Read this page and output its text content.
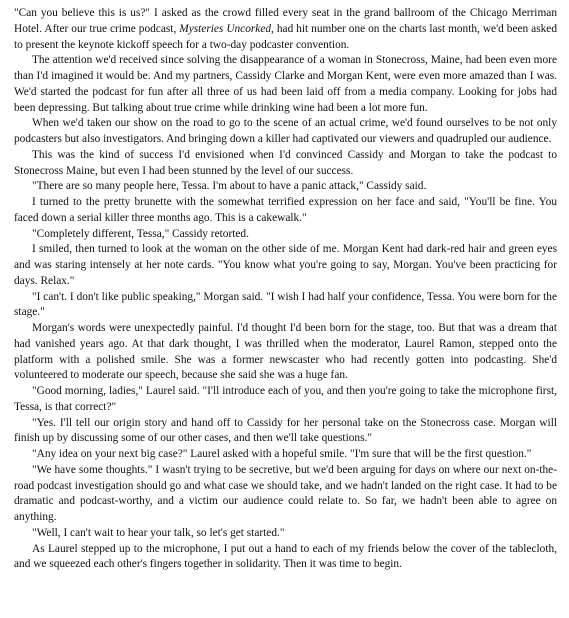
"Can you believe this is us?" I asked as the crowd filled every seat in the grand ballroom of the Chicago Merriman Hotel. After our true crime podcast, Mysteries Uncorked, had hit number one on the charts last month, we'd been asked to present the keynote kickoff speech for a two-day podcaster convention.

The attention we'd received since solving the disappearance of a woman in Stonecross, Maine, had been even more than I'd imagined it would be. And my partners, Cassidy Clarke and Morgan Kent, were even more amazed than I was. We'd started the podcast for fun after all three of us had been laid off from a media company. Looking for jobs had been depressing. But talking about true crime while drinking wine had been a lot more fun.

When we'd taken our show on the road to go to the scene of an actual crime, we'd found ourselves to be not only podcasters but also investigators. And bringing down a killer had captivated our viewers and quadrupled our audience.

This was the kind of success I'd envisioned when I'd convinced Cassidy and Morgan to take the podcast to Stonecross Maine, but even I had been stunned by the level of our success.

"There are so many people here, Tessa. I'm about to have a panic attack," Cassidy said.

I turned to the pretty brunette with the somewhat terrified expression on her face and said, "You'll be fine. You faced down a serial killer three months ago. This is a cakewalk."

"Completely different, Tessa," Cassidy retorted.

I smiled, then turned to look at the woman on the other side of me. Morgan Kent had dark-red hair and green eyes and was staring intensely at her note cards. "You know what you're going to say, Morgan. You've been practicing for days. Relax."

"I can't. I don't like public speaking," Morgan said. "I wish I had half your confidence, Tessa. You were born for the stage."

Morgan's words were unexpectedly painful. I'd thought I'd been born for the stage, too. But that was a dream that had vanished years ago. At that dark thought, I was thrilled when the moderator, Laurel Ramon, stepped onto the platform with a polished smile. She was a former newscaster who had recently gotten into podcasting. She'd volunteered to moderate our speech, because she said she was a huge fan.

"Good morning, ladies," Laurel said. "I'll introduce each of you, and then you're going to take the microphone first, Tessa, is that correct?"

"Yes. I'll tell our origin story and hand off to Cassidy for her personal take on the Stonecross case. Morgan will finish up by discussing some of our other cases, and then we'll take questions."

"Any idea on your next big case?" Laurel asked with a hopeful smile. "I'm sure that will be the first question."

"We have some thoughts." I wasn't trying to be secretive, but we'd been arguing for days on where our next on-the-road podcast investigation should go and what case we should take, and we hadn't landed on the right case. It had to be dramatic and podcast-worthy, and a victim our audience could relate to. So far, we hadn't been able to agree on anything.

"Well, I can't wait to hear your talk, so let's get started."

As Laurel stepped up to the microphone, I put out a hand to each of my friends below the cover of the tablecloth, and we squeezed each other's fingers together in solidarity. Then it was time to begin.
